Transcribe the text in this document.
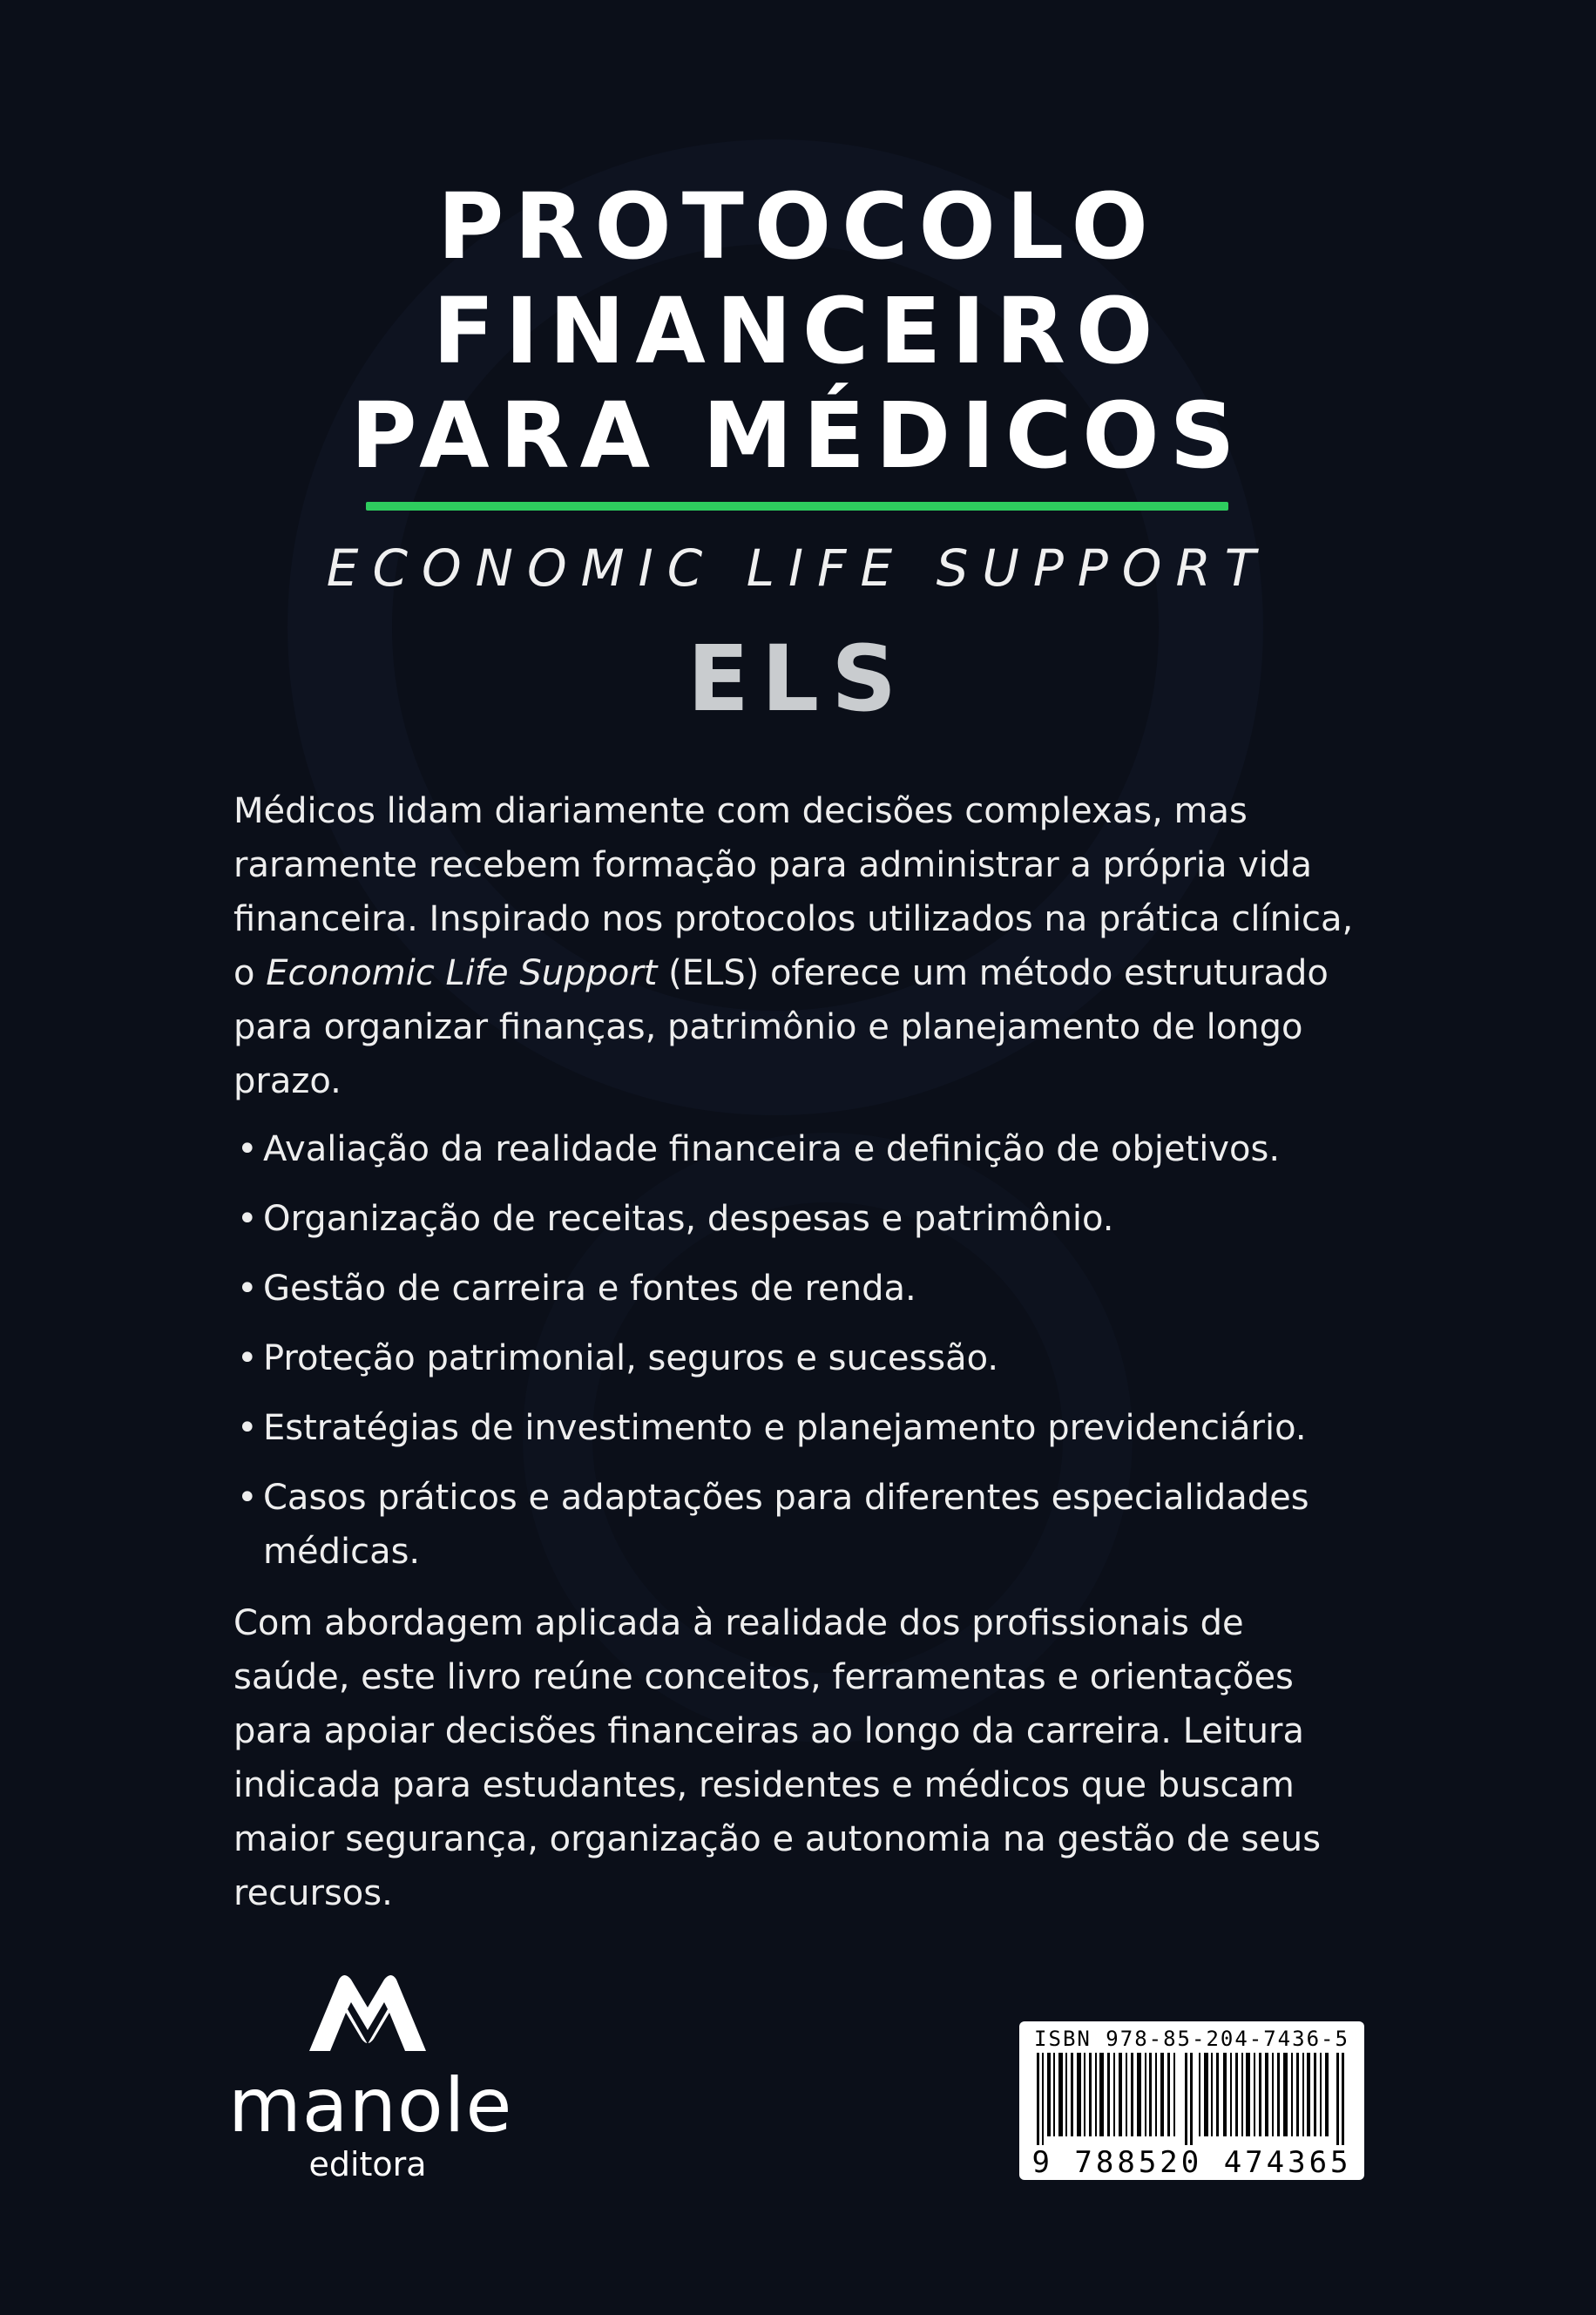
PROTOCOLO
FINANCEIRO
PARA MÉDICOS
ECONOMIC LIFE SUPPORT
ELS

Médicos lidam diariamente com decisões complexas, mas raramente recebem formação para administrar a própria vida financeira. Inspirado nos protocolos utilizados na prática clínica, o Economic Life Support (ELS) oferece um método estruturado para organizar finanças, patrimônio e planejamento de longo prazo.

• Avaliação da realidade financeira e definição de objetivos.
• Organização de receitas, despesas e patrimônio.
• Gestão de carreira e fontes de renda.
• Proteção patrimonial, seguros e sucessão.
• Estratégias de investimento e planejamento previdenciário.
• Casos práticos e adaptações para diferentes especialidades médicas.

Com abordagem aplicada à realidade dos profissionais de saúde, este livro reúne conceitos, ferramentas e orientações para apoiar decisões financeiras ao longo da carreira. Leitura indicada para estudantes, residentes e médicos que buscam maior segurança, organização e autonomia na gestão de seus recursos.

manole
editora
ISBN 978-85-204-7436-5
9 788520 474365
